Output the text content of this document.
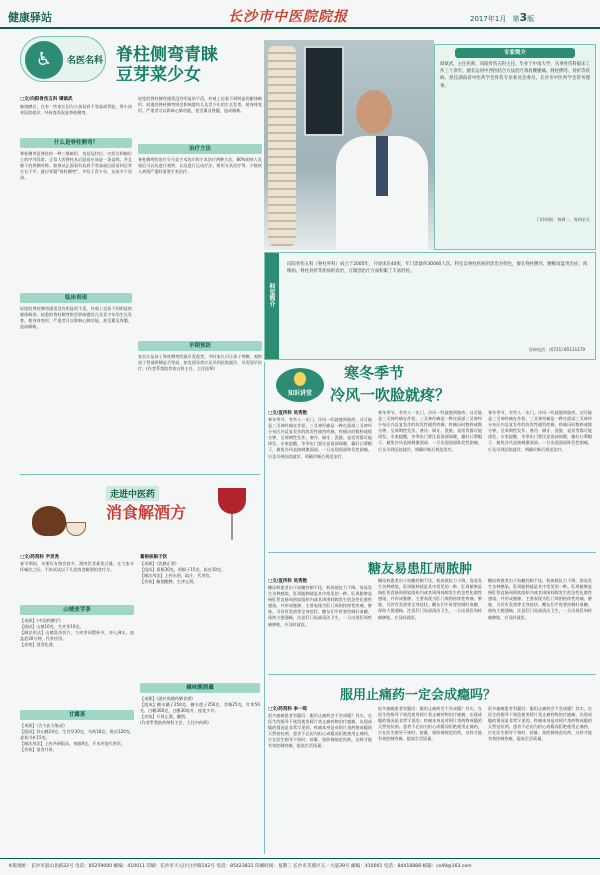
健康驿站	长沙市中医院院报	2017年1月 第3版
♿	名医名科 脊柱侧弯青睐
豆芽菜少女
□文/向阳骨伤五科 谭斌武
脑剖磨后，在有一些家长因为小孩双肩不等高或背驼，带小孩来医院就诊，经检查发现是脊柱侧弯。
什么是脊柱侧弯？
脊柱侧弯是脊柱的一种三维畸形，包括冠状位、矢状位和轴位上的序列异常。正常人的脊柱从后面看应该是一条直线，并且躯干的两侧对称。如果从正面看有双肩不等高或后面看到后背左右不平，就应怀疑"脊柱侧弯"。多发于青少年，女孩多于男孩。
临床表现
轻度的脊柱侧弯通常没有明显的不适，外观上也看不到明显的躯体畸形。较重的脊柱侧弯则会影响婴幼儿及青少年的生长发育，使身体变形，严重者可以影响心肺功能，甚至累及脊髓，造成瘫痪。
轻度的脊柱侧弯通常没有明显的不适，外观上也看不到明显的躯体畸形。较重的脊柱侧弯则会影响婴幼儿及青少年的生长发育，使身体变形，严重者可以影响心肺功能，甚至累及脊髓，造成瘫痪。
治疗方法
脊柱侧弯的治疗分为非手术治疗和手术治疗两种方法。80%的病人发现后可以先进行观察，以及进行运动疗法、矫形支具治疗等。少数病人病情严重时需要手术治疗。
早期预防
家长应是孩子脊柱侧弯的最早发现者。平时家长可让孩子弯腰，观察孩子背部两侧是否等高，如发现异常应及早到医院就诊，早发现早治疗。(作者系我院骨伤五科主任、主任医师)
专家简介
谭斌武，主任医师，向阳骨伤五科主任。毕业于中南大学，从事骨伤科临床工作三十余年，擅长运用中西医结合方法治疗颈肩腰腿痛、脊柱侧弯、骨折等疾病。担任湖南省中医药学会骨伤专业委员会委员，长沙市中医药学会常务理事。
门诊时间：每周二、周四全天
科室简介
向阳骨伤五科（脊柱外科）成立于2005年，开放床位40张，年门诊量约30000人次。科室以脊柱疾病的诊治为特色，擅长脊柱侧弯、腰椎间盘突出症、颈椎病、脊柱骨折等疾病的诊治，在微创治疗方面积累了丰富经验。
咨询电话：(0731) 85131179
知识讲堂
寒冬季节
冷风一吹脸就疼？
□文/宣传科 吴秀艳
寒冬季节，有些人一出门，冷风一吹就感到脸疼。这可能是三叉神经痛在作怪。三叉神经痛是一种在面部三叉神经分布区内反复发作的阵发性剧烈疼痛，疼痛历时数秒或数分钟，呈周期性发作。寒冷、刷牙、洗脸、说话等都可能诱发。专家提醒，冬季出门要注意面部保暖，戴好口罩帽子，避免冷风直接刺激面部。一旦出现面部阵发性剧痛，应及早到医院就诊，明确诊断后规范治疗。
寒冬季节，有些人一出门，冷风一吹就感到脸疼。这可能是三叉神经痛在作怪。三叉神经痛是一种在面部三叉神经分布区内反复发作的阵发性剧烈疼痛，疼痛历时数秒或数分钟，呈周期性发作。寒冷、刷牙、洗脸、说话等都可能诱发。专家提醒，冬季出门要注意面部保暖，戴好口罩帽子，避免冷风直接刺激面部。一旦出现面部阵发性剧痛，应及早到医院就诊，明确诊断后规范治疗。
寒冬季节，有些人一出门，冷风一吹就感到脸疼。这可能是三叉神经痛在作怪。三叉神经痛是一种在面部三叉神经分布区内反复发作的阵发性剧烈疼痛，疼痛历时数秒或数分钟，呈周期性发作。寒冷、刷牙、洗脸、说话等都可能诱发。专家提醒，冬季出门要注意面部保暖，戴好口罩帽子，避免冷风直接刺激面部。一旦出现面部阵发性剧痛，应及早到医院就诊，明确诊断后规范治疗。
糖友易患肛周脓肿
□文/宣传科 吴秀艳
糖尿病患者由于血糖控制不佳，机体抵抗力下降，容易发生各种感染，肛周脓肿就是其中常见的一种。肛周脓肿是指肛管直肠周围软组织内或其周围间隙发生的急性化脓性感染，并形成脓肿。主要表现为肛门周围持续性疼痛、肿胀，可伴有发热等全身症状。糖友们平时要控制好血糖，保持大便通畅，注意肛门局部清洁卫生，一旦出现肛周疼痛肿胀，应及时就医。
糖尿病患者由于血糖控制不佳，机体抵抗力下降，容易发生各种感染，肛周脓肿就是其中常见的一种。肛周脓肿是指肛管直肠周围软组织内或其周围间隙发生的急性化脓性感染，并形成脓肿。主要表现为肛门周围持续性疼痛、肿胀，可伴有发热等全身症状。糖友们平时要控制好血糖，保持大便通畅，注意肛门局部清洁卫生，一旦出现肛周疼痛肿胀，应及时就医。
糖尿病患者由于血糖控制不佳，机体抵抗力下降，容易发生各种感染，肛周脓肿就是其中常见的一种。肛周脓肿是指肛管直肠周围软组织内或其周围间隙发生的急性化脓性感染，并形成脓肿。主要表现为肛门周围持续性疼痛、肿胀，可伴有发热等全身症状。糖友们平时要控制好血糖，保持大便通畅，注意肛门局部清洁卫生，一旦出现肛周疼痛肿胀，应及时就医。
服用止痛药一定会成瘾吗？
□文/药剂科 李一鸣
很多癌痛患者有疑问：服用止痛药会不会成瘾？其实，在医生的指导下规范使用阿片类止痛药物治疗癌痛，出现成瘾的情况是非常罕见的。疼痛本身是对阿片类药物成瘾的天然拮抗剂。患者不必因为担心成瘾而拒绝使用止痛药，应在医生指导下按时、按量、按阶梯规范用药，这样才能有效控制疼痛，提高生活质量。
很多癌痛患者有疑问：服用止痛药会不会成瘾？其实，在医生的指导下规范使用阿片类止痛药物治疗癌痛，出现成瘾的情况是非常罕见的。疼痛本身是对阿片类药物成瘾的天然拮抗剂。患者不必因为担心成瘾而拒绝使用止痛药，应在医生指导下按时、按量、按阶梯规范用药，这样才能有效控制疼痛，提高生活质量。
很多癌痛患者有疑问：服用止痛药会不会成瘾？其实，在医生的指导下规范使用阿片类止痛药物治疗癌痛，出现成瘾的情况是非常罕见的。疼痛本身是对阿片类药物成瘾的天然拮抗剂。患者不必因为担心成瘾而拒绝使用止痛药，应在医生指导下按时、按量、按阶梯规范用药，这样才能有效控制疼痛，提高生活质量。
走进中医药
消食解酒方
□文/药剂科 尹灵秀
春节期间，亲朋好友聚会较多，酒肉饮食难免过量。在大家开怀畅饮之际，不妨试试以下几款消食解酒的食疗方。
山楂麦芽茶
【来源】《中国药膳学》
【组成】山楂10克，生麦芽10克。
【制法用法】山楂洗净切片，与麦芽同置杯中，冲入沸水，加盖泡30分钟，代茶饮用。
【功效】消食化滞。
甘露茶
【来源】《古今医方集成》
【组成】炒山楂24克，生谷芽30克，乌药18克，陈皮120克，姜炙川朴15克。
【制法用法】上药共研粗末，每服9克，开水冲泡代茶饮。
【功效】消食开胃。
葛根枳椇子饮
【来源】《饮膳正要》
【组成】葛根30克，枳椇子15克，陈皮10克。
【制法用法】上药水煎，取汁，代茶饮。
【功效】解酒醒脾，生津止渴。
橘味醒酒羹
【来源】《滋补保健药膳食谱》
【组成】糖水橘子250克，糖水莲子250克，青梅25克，红枣50克，白糖300克，白醋30毫升，桂花少许。
【功效】开胃止渴，醒酒。
(作者系我院药剂科主任、主任中药师)
本版地址：长沙市韶山北路22号 电话：85259000 邮编：410011 印刷：长沙市天心区白沙路142号 电话：85423831 印刷时间：星期三 长沙市芙蓉区五一大道39号 邮编：410001 电话：84418888 邮箱：cs49@163.com
